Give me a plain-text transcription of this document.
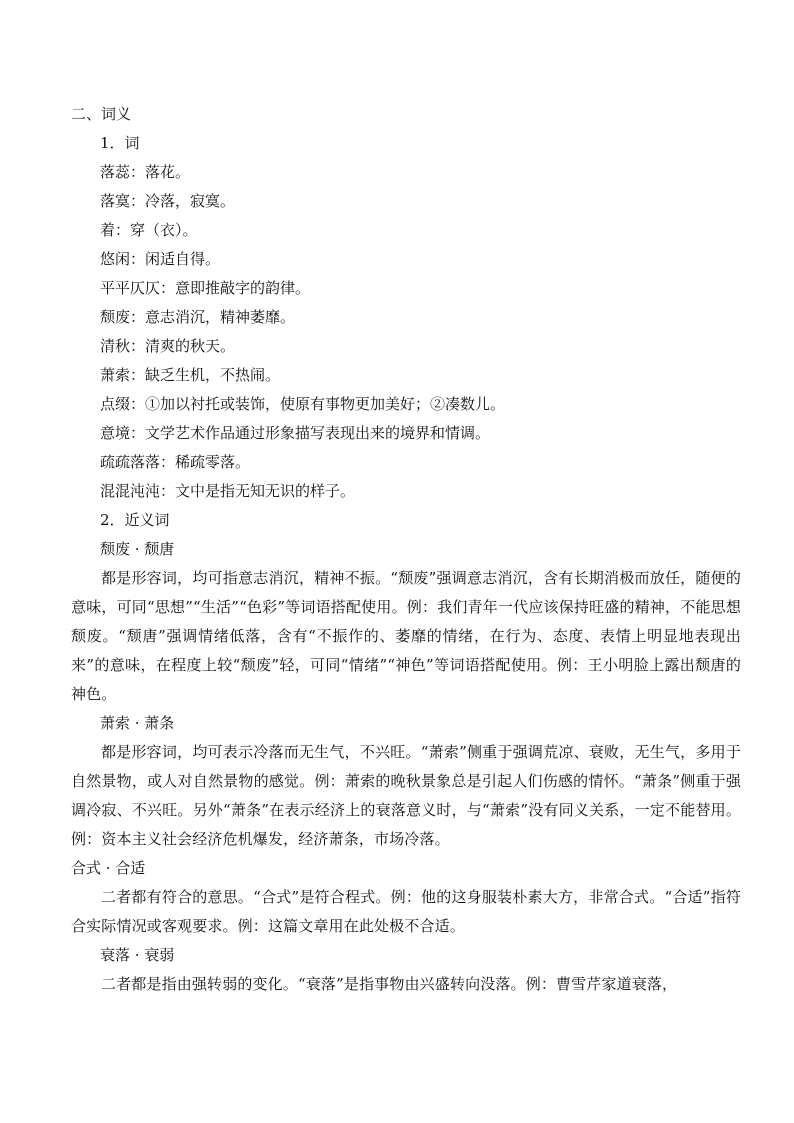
二、词义

1．词

落蕊：落花。

落寞：冷落，寂寞。

着：穿（衣）。

悠闲：闲适自得。

平平仄仄：意即推敲字的韵律。

颓废：意志消沉，精神萎靡。

清秋：清爽的秋天。

萧索：缺乏生机，不热闹。

点缀：①加以衬托或装饰，使原有事物更加美好；②凑数儿。

意境：文学艺术作品通过形象描写表现出来的境界和情调。

疏疏落落：稀疏零落。

混混沌沌：文中是指无知无识的样子。

2．近义词

颓废 · 颓唐

都是形容词，均可指意志消沉，精神不振。“颓废”强调意志消沉，含有长期消极而放任，随便的意味，可同“思想”“生活”“色彩”等词语搭配使用。例：我们青年一代应该保持旺盛的精神，不能思想颓废。“颓唐”强调情绪低落，含有“不振作的、萎靡的情绪，在行为、态度、表情上明显地表现出来”的意味，在程度上较“颓废”轻，可同“情绪”“神色”等词语搭配使用。例：王小明脸上露出颓唐的神色。

萧索 · 萧条

都是形容词，均可表示冷落而无生气，不兴旺。“萧索”侧重于强调荒凉、衰败，无生气，多用于自然景物，或人对自然景物的感觉。例：萧索的晚秋景象总是引起人们伤感的情怀。“萧条”侧重于强调冷寂、不兴旺。另外“萧条”在表示经济上的衰落意义时，与“萧索”没有同义关系，一定不能替用。例：资本主义社会经济危机爆发，经济萧条，市场冷落。

合式 · 合适

二者都有符合的意思。“合式”是符合程式。例：他的这身服装朴素大方，非常合式。“合适”指符合实际情况或客观要求。例：这篇文章用在此处极不合适。

衰落 · 衰弱

二者都是指由强转弱的变化。“衰落”是指事物由兴盛转向没落。例：曹雪芹家道衰落，
